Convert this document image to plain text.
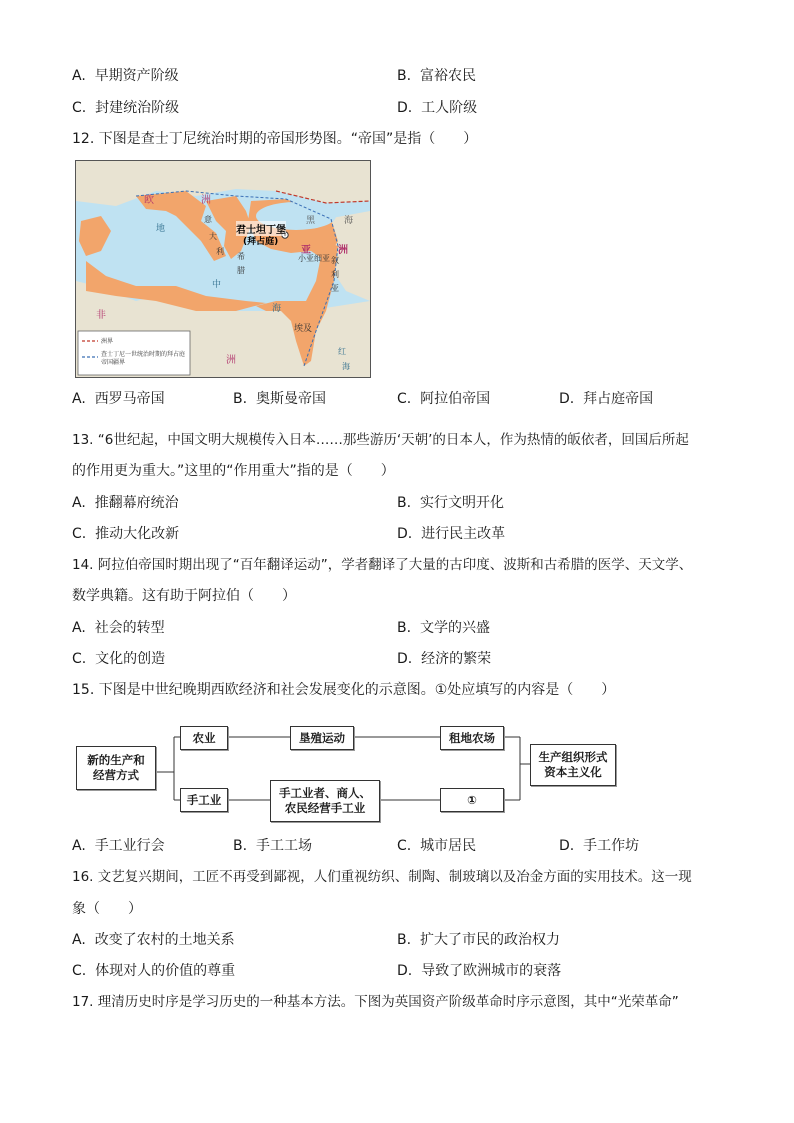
A. 早期资产阶级	B. 富裕农民
C. 封建统治阶级	D. 工人阶级
12. 下图是查士丁尼统治时期的帝国形势图。“帝国”是指（　　）
欧	洲
黑	海
亚	洲
君士坦丁堡
(拜占庭)
意
大
利
希
腊
小亚细亚
地
中
海
叙
利
亚
埃及
非
洲
红
海
洲界
查士丁尼一世统治时期的拜占庭帝国疆界
A. 西罗马帝国	B. 奥斯曼帝国	C. 阿拉伯帝国	D. 拜占庭帝国
13. “6世纪起，中国文明大规模传入日本……那些游历‘天朝’的日本人，作为热情的皈依者，回国后所起
的作用更为重大。”这里的“作用重大”指的是（　　）
A. 推翻幕府统治	B. 实行文明开化
C. 推动大化改新	D. 进行民主改革
14. 阿拉伯帝国时期出现了“百年翻译运动”，学者翻译了大量的古印度、波斯和古希腊的医学、天文学、
数学典籍。这有助于阿拉伯（　　）
A. 社会的转型	B. 文学的兴盛
C. 文化的创造	D. 经济的繁荣
15. 下图是中世纪晚期西欧经济和社会发展变化的示意图。①处应填写的内容是（　　）
新的生产和
经营方式
农业	垦殖运动	租地农场
手工业	手工业者、商人、
农民经营手工业
①
生产组织形式
资本主义化
A. 手工业行会	B. 手工工场	C. 城市居民	D. 手工作坊
16. 文艺复兴期间，工匠不再受到鄙视，人们重视纺织、制陶、制玻璃以及冶金方面的实用技术。这一现
象（　　）
A. 改变了农村的土地关系	B. 扩大了市民的政治权力
C. 体现对人的价值的尊重	D. 导致了欧洲城市的衰落
17. 理清历史时序是学习历史的一种基本方法。下图为英国资产阶级革命时序示意图，其中“光荣革命”
